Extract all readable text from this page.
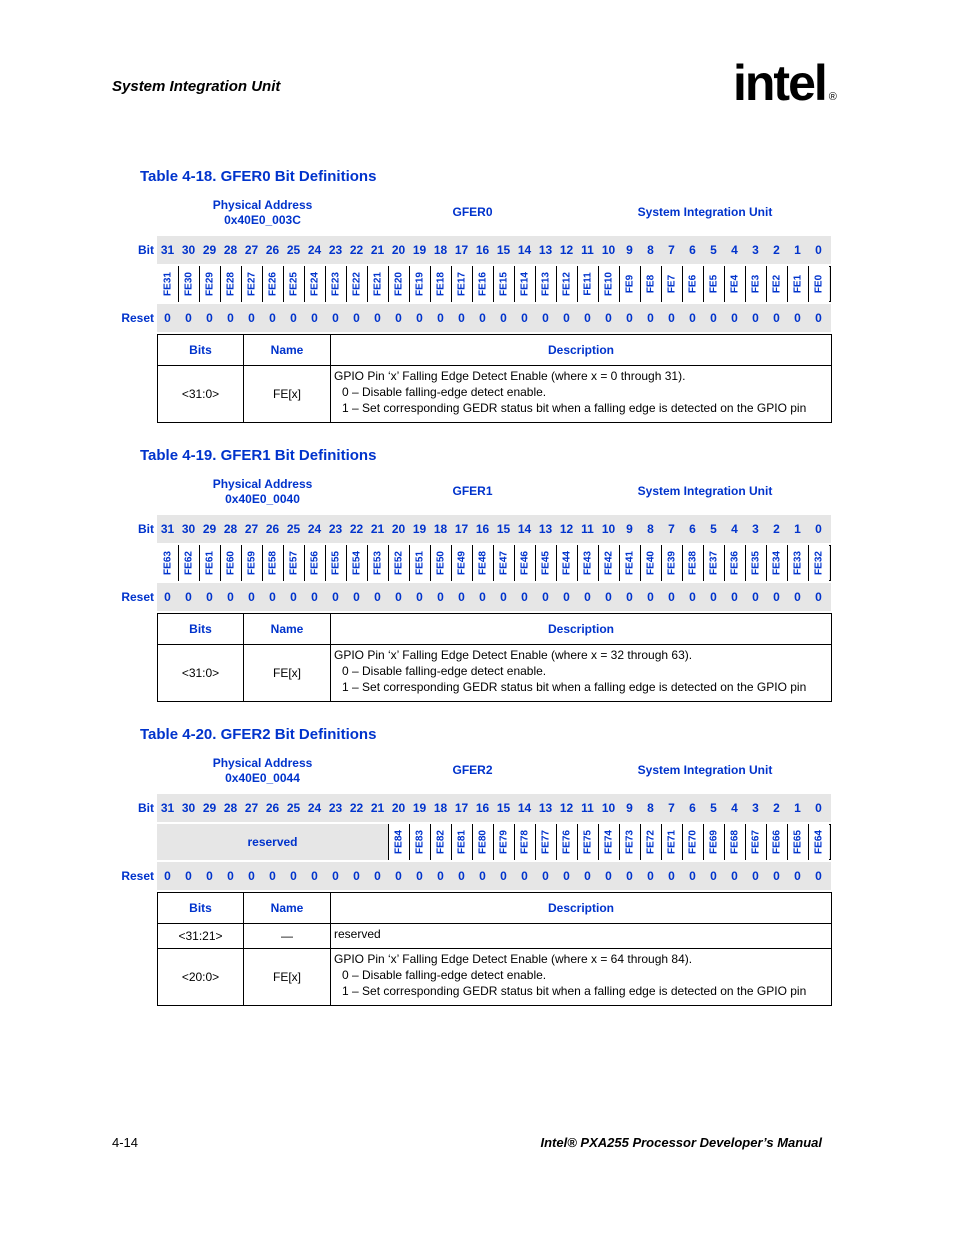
System Integration Unit	intel ®
Table 4-18. GFER0 Bit Definitions
Physical Address
0x40E0_003C
GFER0	System Integration Unit
Bit 31 30 29 28 27 26 25 24 23 22 21 20 19 18 17 16 15 14 13 12 11 10 9	8	7	6	5	4	3	2	1	0
FE31 FE30 FE29 FE28 FE27 FE26 FE25 FE24 FE23 FE22 FE21 FE20 FE19 FE18 FE17 FE16 FE15 FE14 FE13 FE12 FE11 FE10 FE9 FE8 FE7 FE6 FE5 FE4 FE3 FE2 FE1 FE0
Reset 0	0	0	0	0	0	0	0	0	0	0	0	0	0	0	0	0	0	0	0	0	0	0	0	0	0	0	0	0	0	0	0
Bits	Name	Description
<31:0>	FE[x]	GPIO Pin ‘x’ Falling Edge Detect Enable (where x = 0 through 31).
0 – Disable falling-edge detect enable.
1 – Set corresponding GEDR status bit when a falling edge is detected on the GPIO pin
Table 4-19. GFER1 Bit Definitions
Physical Address
0x40E0_0040
GFER1	System Integration Unit
Bit 31 30 29 28 27 26 25 24 23 22 21 20 19 18 17 16 15 14 13 12 11 10 9	8	7	6	5	4	3	2	1	0
FE63 FE62 FE61 FE60 FE59 FE58 FE57 FE56 FE55 FE54 FE53 FE52 FE51 FE50 FE49 FE48 FE47 FE46 FE45 FE44 FE43 FE42 FE41 FE40 FE39 FE38 FE37 FE36 FE35 FE34 FE33 FE32
Reset 0	0	0	0	0	0	0	0	0	0	0	0	0	0	0	0	0	0	0	0	0	0	0	0	0	0	0	0	0	0	0	0
Bits	Name	Description
<31:0>	FE[x]	GPIO Pin ‘x’ Falling Edge Detect Enable (where x = 32 through 63).
0 – Disable falling-edge detect enable.
1 – Set corresponding GEDR status bit when a falling edge is detected on the GPIO pin
Table 4-20. GFER2 Bit Definitions
Physical Address
0x40E0_0044
GFER2	System Integration Unit
Bit 31 30 29 28 27 26 25 24 23 22 21 20 19 18 17 16 15 14 13 12 11 10 9	8	7	6	5	4	3	2	1	0
reserved	FE84 FE83 FE82 FE81 FE80 FE79 FE78 FE77 FE76 FE75 FE74 FE73 FE72 FE71 FE70 FE69 FE68 FE67 FE66 FE65 FE64
Reset 0	0	0	0	0	0	0	0	0	0	0	0	0	0	0	0	0	0	0	0	0	0	0	0	0	0	0	0	0	0	0	0
Bits	Name	Description
<31:21>	—	reserved

<20:0>	FE[x]	GPIO Pin ‘x’ Falling Edge Detect Enable (where x = 64 through 84).
0 – Disable falling-edge detect enable.
1 – Set corresponding GEDR status bit when a falling edge is detected on the GPIO pin
4-14	Intel® PXA255 Processor Developer’s Manual
